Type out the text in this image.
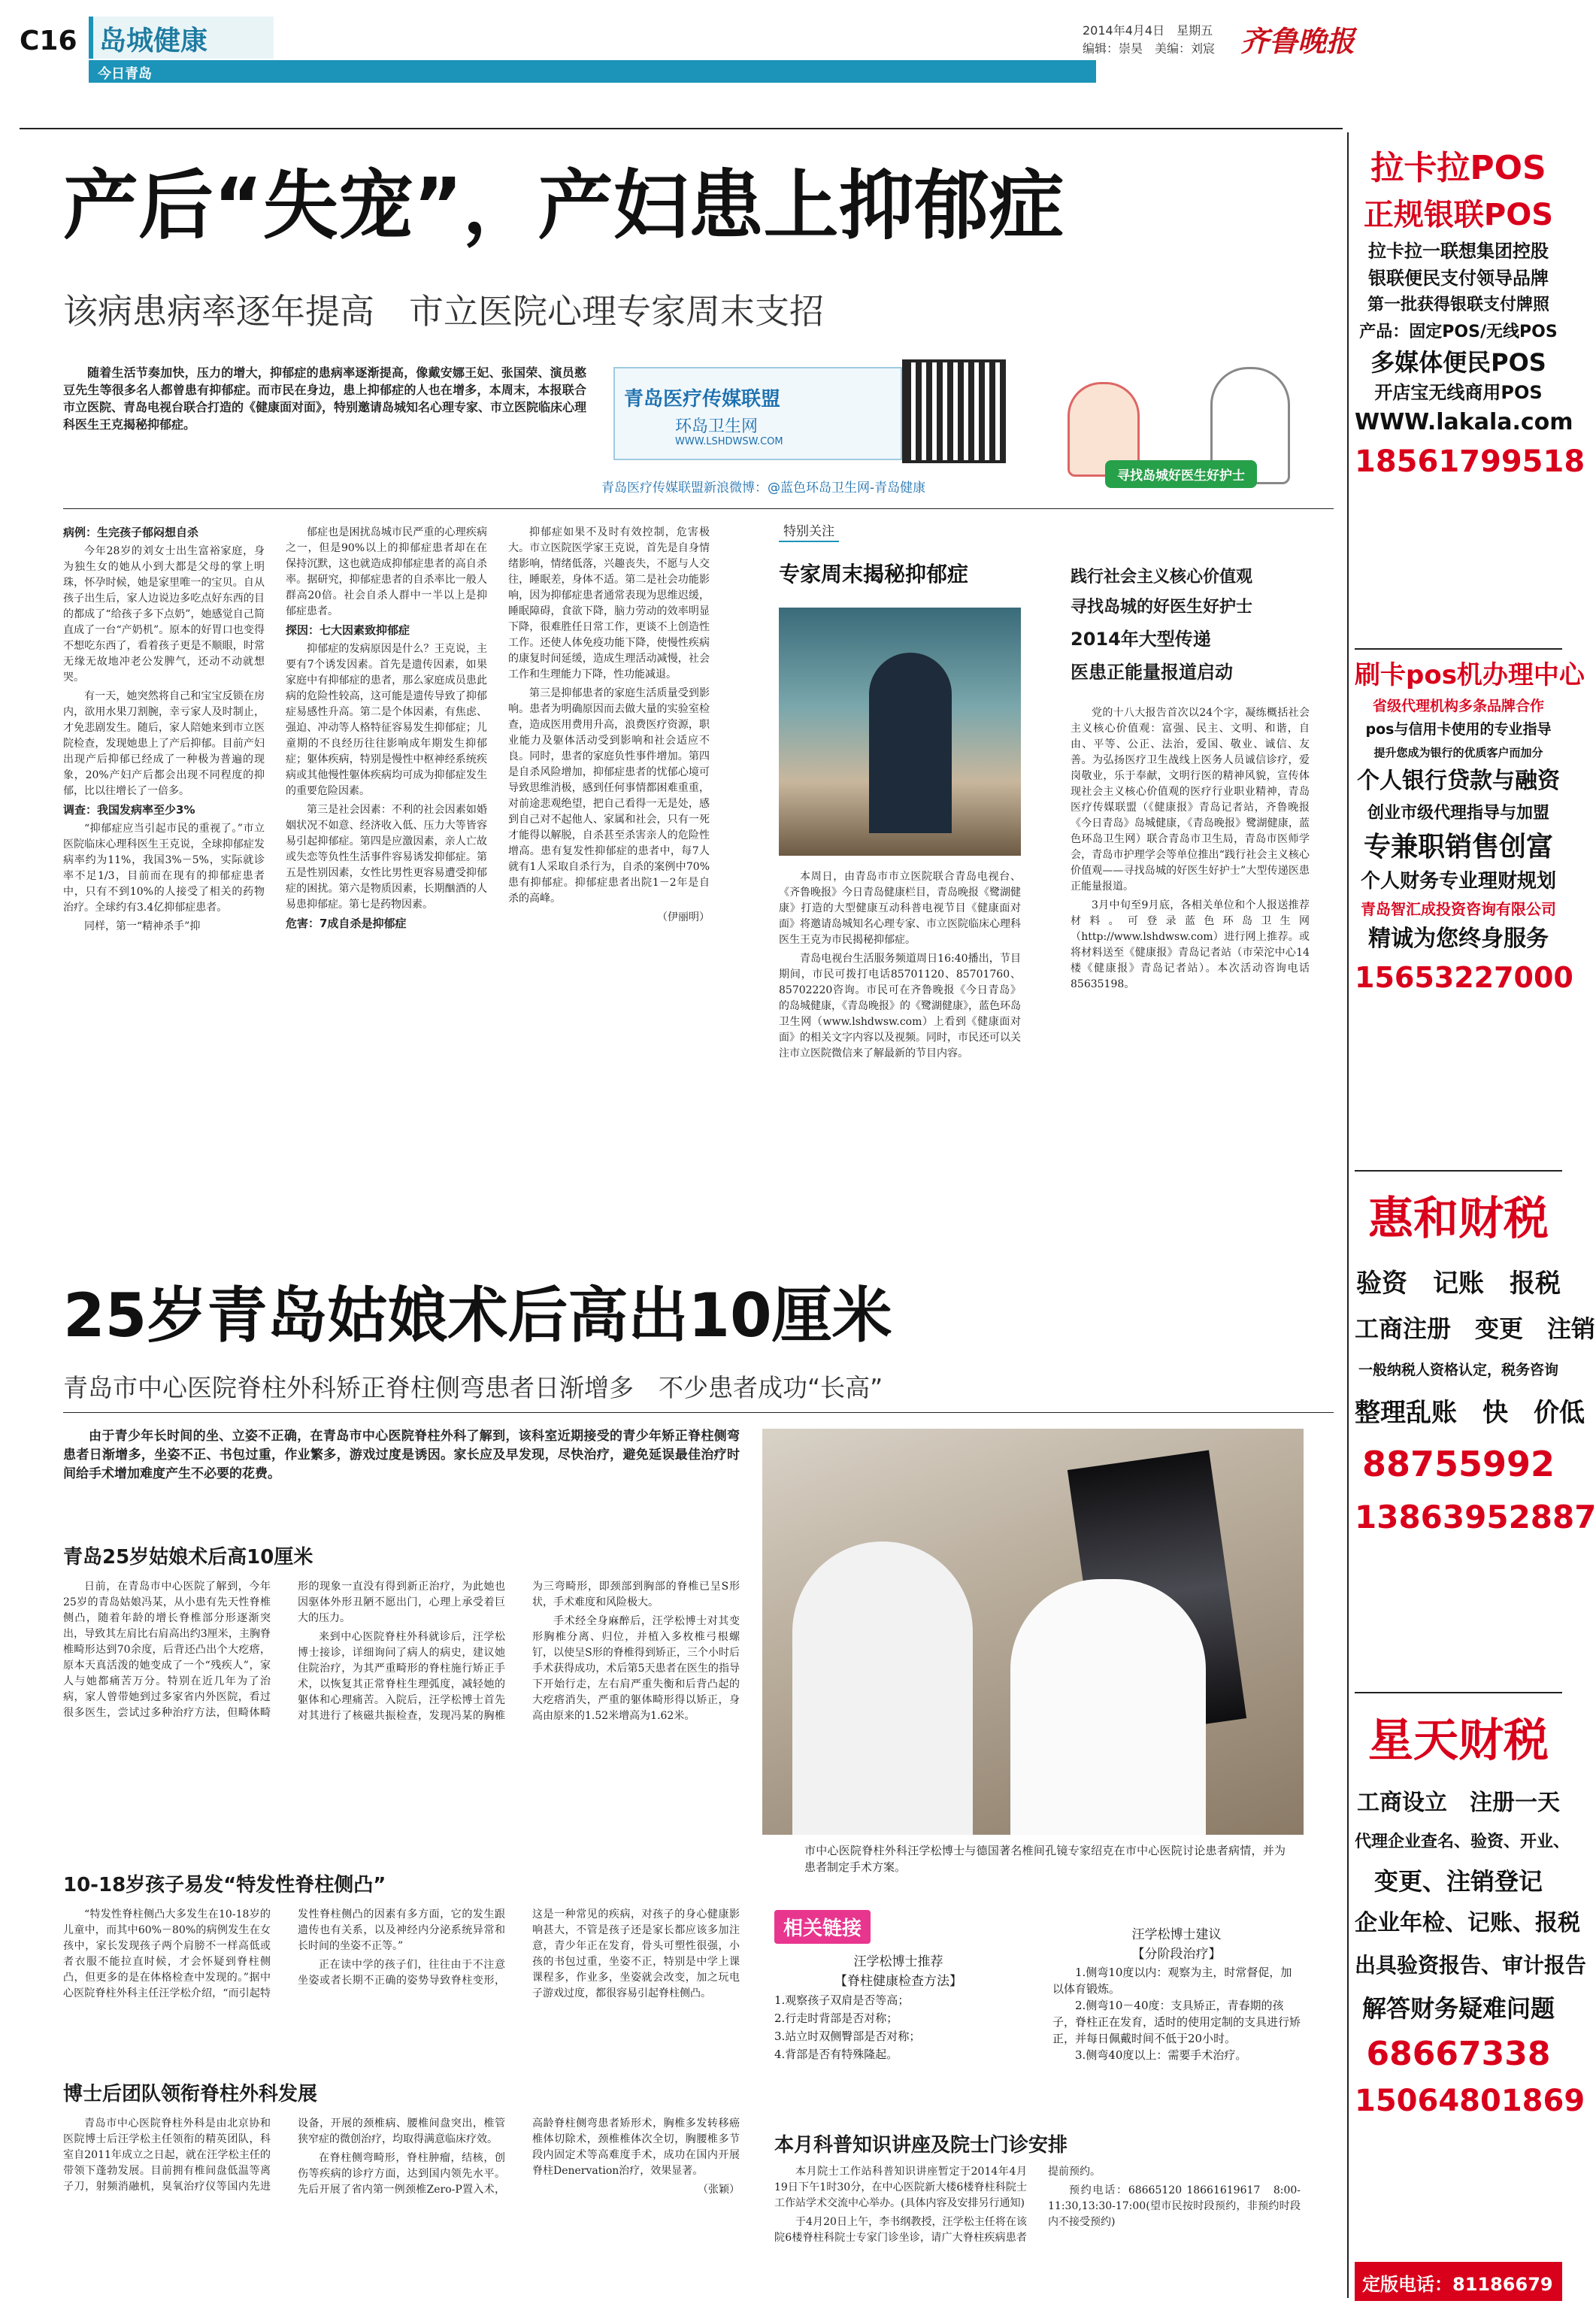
C16 岛城健康
今日青岛
2014年4月4日　星期五
编辑：崇昊　美编：刘宸 齐鲁晚报
产后“失宠”，产妇患上抑郁症
该病患病率逐年提高　市立医院心理专家周末支招

随着生活节奏加快，压力的增大，抑郁症的患病率逐渐提高，像戴安娜王妃、张国荣、演员憨豆先生等很多名人都曾患有抑郁症。而市民在身边，患上抑郁症的人也在增多，本周末，本报联合市立医院、青岛电视台联合打造的《健康面对面》，特别邀请岛城知名心理专家、市立医院临床心理科医生王克揭秘抑郁症。

青岛医疗传媒联盟
环岛卫生网
WWW.LSHDWSW.COM
寻找岛城好医生好护士
青岛医疗传媒联盟新浪微博：@蓝色环岛卫生网-青岛健康

病例：生完孩子郁闷想自杀

今年28岁的刘女士出生富裕家庭，身为独生女的她从小到大都是父母的掌上明珠，怀孕时候，她是家里唯一的宝贝。自从孩子出生后，家人边说边多吃点好东西的目的都成了“给孩子多下点奶”，她感觉自己简直成了一台“产奶机”。原本的好胃口也变得不想吃东西了，看着孩子更是不顺眼，时常无缘无故地冲老公发脾气，还动不动就想哭。

有一天，她突然将自己和宝宝反锁在房内，欲用水果刀割腕，幸亏家人及时制止，才免悲剧发生。随后，家人陪她来到市立医院检查，发现她患上了产后抑郁。目前产妇出现产后抑郁已经成了一种极为普遍的现象，20%产妇产后都会出现不同程度的抑郁，比以往增长了一倍多。

调查：我国发病率至少3%

“抑郁症应当引起市民的重视了。”市立医院临床心理科医生王克说，全球抑郁症发病率约为11%，我国3%－5%，实际就诊率不足1/3，目前而在现有的抑郁症患者中，只有不到10%的人接受了相关的药物治疗。全球约有3.4亿抑郁症患者。

同样，第一“精神杀手”抑

郁症也是困扰岛城市民严重的心理疾病之一，但是90%以上的抑郁症患者却在在保持沉默，这也就造成抑郁症患者的高自杀率。据研究，抑郁症患者的自杀率比一般人群高20倍。社会自杀人群中一半以上是抑郁症患者。

探因：七大因素致抑郁症

抑郁症的发病原因是什么？王克说，主要有7个诱发因素。首先是遗传因素，如果家庭中有抑郁症的患者，那么家庭成员患此病的危险性较高，这可能是遗传导致了抑郁症易感性升高。第二是个体因素，有焦虑、强迫、冲动等人格特征容易发生抑郁症；儿童期的不良经历往往影响成年期发生抑郁症；躯体疾病，特别是慢性中枢神经系统疾病或其他慢性躯体疾病均可成为抑郁症发生的重要危险因素。

第三是社会因素：不利的社会因素如婚姻状况不如意、经济收入低、压力大等皆容易引起抑郁症。第四是应激因素，亲人亡故或失恋等负性生活事件容易诱发抑郁症。第五是性别因素，女性比男性更容易遭受抑郁症的困扰。第六是物质因素，长期酗酒的人易患抑郁症。第七是药物因素。

危害：7成自杀是抑郁症

抑郁症如果不及时有效控制，危害极大。市立医院医学家王克说，首先是自身情绪影响，情绪低落，兴趣丧失，不愿与人交往，睡眠差，身体不适。第二是社会功能影响，因为抑郁症患者通常表现为思维迟缓，睡眠障碍，食欲下降，脑力劳动的效率明显下降，很难胜任日常工作，更谈不上创造性工作。还使人体免疫功能下降，使慢性疾病的康复时间延缓，造成生理活动减慢，社会工作和生理能力下降，性功能减退。

第三是抑郁患者的家庭生活质量受到影响。患者为明确原因而去做大量的实验室检查，造成医用费用升高，浪费医疗资源，职业能力及躯体活动受到影响和社会适应不良。同时，患者的家庭负性事件增加。第四是自杀风险增加，抑郁症患者的忧郁心境可导致思维消极，感到任何事情都困难重重，对前途悲观绝望，把自己看得一无是处，感到自己对不起他人、家属和社会，只有一死才能得以解脱，自杀甚至杀害亲人的危险性增高。患有复发性抑郁症的患者中，每7人就有1人采取自杀行为，自杀的案例中70%患有抑郁症。抑郁症患者出院1－2年是自杀的高峰。

（伊丽明）

特别关注
专家周末揭秘抑郁症

本周日，由青岛市市立医院联合青岛电视台、《齐鲁晚报》今日青岛健康栏目，青岛晚报《鹭湖健康》打造的大型健康互动科普电视节目《健康面对面》将邀请岛城知名心理专家、市立医院临床心理科医生王克为市民揭秘抑郁症。

青岛电视台生活服务频道周日16:40播出，节目期间，市民可拨打电话85701120、85701760、85702220咨询。市民可在齐鲁晚报《今日青岛》的岛城健康，《青岛晚报》的《鹭湖健康》，蓝色环岛卫生网（www.lshdwsw.com）上看到《健康面对面》的相关文字内容以及视频。同时，市民还可以关注市立医院微信来了解最新的节目内容。

践行社会主义核心价值观
寻找岛城的好医生好护士
2014年大型传递
医患正能量报道启动

党的十八大报告首次以24个字，凝练概括社会主义核心价值观：富强、民主、文明、和谐，自由、平等、公正、法治，爱国、敬业、诚信、友善。为弘扬医疗卫生战线上医务人员诚信诊疗，爱岗敬业，乐于奉献，文明行医的精神风貌，宣传体现社会主义核心价值观的医疗行业职业精神，青岛医疗传媒联盟（《健康报》青岛记者站，齐鲁晚报《今日青岛》岛城健康，《青岛晚报》鹭湖健康，蓝色环岛卫生网）联合青岛市卫生局，青岛市医师学会，青岛市护理学会等单位推出“践行社会主义核心价值观——寻找岛城的好医生好护士”大型传递医患正能量报道。

3月中旬至9月底，各相关单位和个人报送推荐材料。可登录蓝色环岛卫生网（http://www.lshdwsw.com）进行网上推荐。或将材料送至《健康报》青岛记者站（市荣沱中心14楼《健康报》青岛记者站）。本次活动咨询电话85635198。

25岁青岛姑娘术后高出10厘米
青岛市中心医院脊柱外科矫正脊柱侧弯患者日渐增多　不少患者成功“长高”

由于青少年长时间的坐、立姿不正确，在青岛市中心医院脊柱外科了解到，该科室近期接受的青少年矫正脊柱侧弯患者日渐增多，坐姿不正、书包过重，作业繁多，游戏过度是诱因。家长应及早发现，尽快治疗，避免延误最佳治疗时间给手术增加难度产生不必要的花费。

青岛25岁姑娘术后高10厘米

日前，在青岛市中心医院了解到，今年25岁的青岛姑娘冯某，从小患有先天性脊椎侧凸，随着年龄的增长脊椎部分形逐渐突出，导致其左肩比右肩高出约3厘米，主胸脊椎畸形达到70余度，后背还凸出个大疙瘩，原本天真活泼的她变成了一个“残疾人”，家人与她都痛苦万分。特别在近几年为了治病，家人曾带她到过多家省内外医院，看过很多医生，尝试过多种治疗方法，但畸体畸形的现象一直没有得到新正治疗，为此她也因驱体外形丑陋不愿出门，心理上承受着巨大的压力。

来到中心医院脊柱外科就诊后，汪学松博士接诊，详细询问了病人的病史，建议她住院治疗，为其严重畸形的脊柱施行矫正手术，以恢复其正常脊柱生理弧度，减轻她的躯体和心理痛苦。入院后，汪学松博士首先对其进行了核磁共振检查，发现冯某的胸椎为三弯畸形，即颈部到胸部的脊椎已呈S形状，手术难度和风险极大。

手术经全身麻醉后，汪学松博士对其变形胸椎分离、归位，并植入多枚椎弓根螺钉，以使呈S形的脊椎得到矫正，三个小时后手术获得成功，术后第5天患者在医生的指导下开始行走，左右肩严重失衡和后背凸起的大疙瘩消失，严重的躯体畸形得以矫正，身高由原来的1.52米增高为1.62米。

10-18岁孩子易发“特发性脊柱侧凸”

“特发性脊柱侧凸大多发生在10-18岁的儿童中，而其中60%－80%的病例发生在女孩中，家长发现孩子两个肩膀不一样高低或者衣服不能拉直时候，才会怀疑到脊柱侧凸，但更多的是在体格检查中发现的。”据中心医院脊柱外科主任汪学松介绍，“而引起特发性脊柱侧凸的因素有多方面，它的发生跟遗传也有关系，以及神经内分泌系统异常和长时间的坐姿不正等。”

正在读中学的孩子们，往往由于不注意坐姿或者长期不正确的姿势导致脊柱变形，这是一种常见的疾病，对孩子的身心健康影响甚大，不管是孩子还是家长都应该多加注意，青少年正在发育，骨头可塑性很强，小孩的书包过重，坐姿不正，特别是中学上课课程多，作业多，坐姿就会改变，加之玩电子游戏过度，都很容易引起脊柱侧凸。

博士后团队领衔脊柱外科发展

青岛市中心医院脊柱外科是由北京协和医院博士后汪学松主任领衔的精英团队，科室自2011年成立之日起，就在汪学松主任的带领下蓬勃发展。目前拥有椎间盘低温等离子刀，射频消融机，臭氧治疗仪等国内先进设备，开展的颈椎病、腰椎间盘突出，椎管狭窄症的微创治疗，均取得满意临床疗效。

在脊柱侧弯畸形，脊柱肿瘤，结核，创伤等疾病的诊疗方面，达到国内领先水平。先后开展了省内第一例颈椎Zero-P置入术，高龄脊柱侧弯患者矫形术，胸椎多发转移癌椎体切除术，颈椎椎体次全切，胸腰椎多节段内固定术等高难度手术，成功在国内开展脊柱Denervation治疗，效果显著。

（张颖）

市中心医院脊柱外科汪学松博士与德国著名椎间孔镜专家绍克在市中心医院讨论患者病情，并为患者制定手术方案。

相关链接
汪学松博士推荐
【脊柱健康检查方法】
1.观察孩子双肩是否等高；
2.行走时背部是否对称；
3.站立时双侧臀部是否对称；
4.背部是否有特殊隆起。
汪学松博士建议
【分阶段治疗】
1.侧弯10度以内：观察为主，时常督促，加以体育锻炼。
2.侧弯10－40度：支具矫正，青春期的孩子，脊柱正在发育，适时的使用定制的支具进行矫正，并每日佩戴时间不低于20小时。
3.侧弯40度以上：需要手术治疗。
本月科普知识讲座及院士门诊安排

本月院士工作站科普知识讲座暂定于2014年4月19日下午1时30分，在中心医院新大楼6楼脊柱科院士工作站学术交流中心举办。(具体内容及安排另行通知)

于4月20日上午，李书纲教授，汪学松主任将在该院6楼脊柱科院士专家门诊坐诊，请广大脊柱疾病患者提前预约。

预约电话：68665120 18661619617　8:00-11:30,13:30-17:00(望市民按时段预约，非预约时段内不接受预约)

拉卡拉POS
正规银联POS
拉卡拉一联想集团控股
银联便民支付领导品牌
第一批获得银联支付牌照
产品：固定POS/无线POS
多媒体便民POS
开店宝无线商用POS
WWW.lakala.com
18561799518
刷卡pos机办理中心
省级代理机构多条品牌合作
pos与信用卡使用的专业指导
提升您成为银行的优质客户而加分
个人银行贷款与融资
创业市级代理指导与加盟
专兼职销售创富
个人财务专业理财规划
青岛智汇成投资咨询有限公司
精诚为您终身服务
15653227000
惠和财税
验资　记账　报税
工商注册　变更　注销
一般纳税人资格认定，税务咨询
整理乱账　快　价低
88755992
13863952887
星天财税
工商设立　注册一天
代理企业查名、验资、开业、
变更、注销登记
企业年检、记账、报税
出具验资报告、审计报告
解答财务疑难问题
68667338
15064801869
定版电话：81186679
